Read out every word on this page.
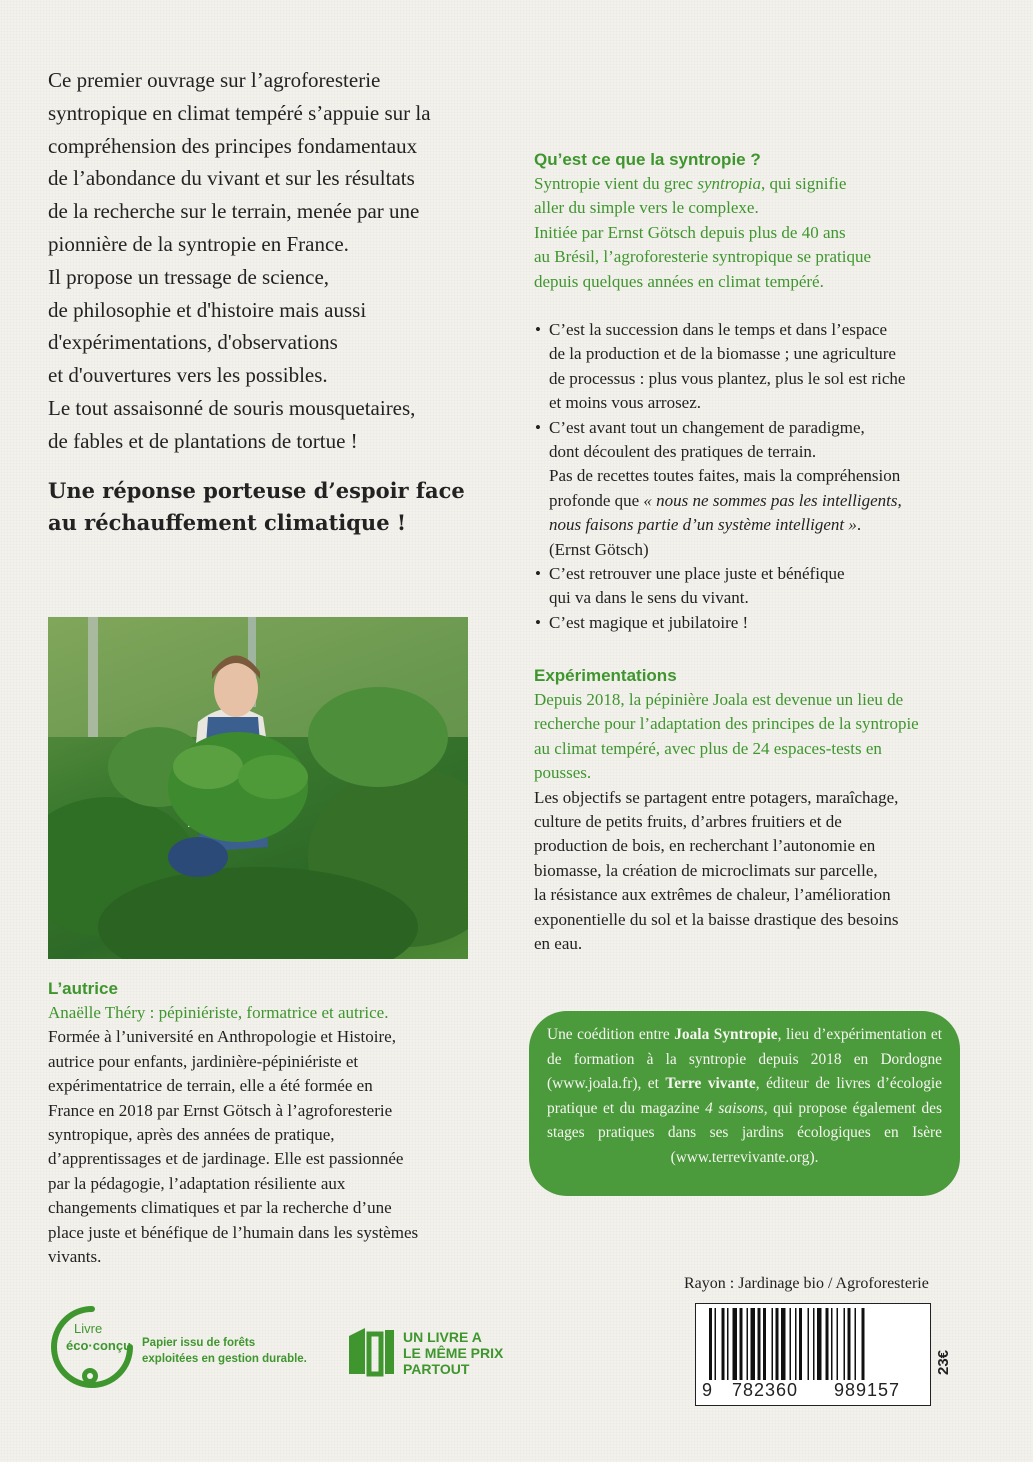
Ce premier ouvrage sur l’agroforesterie

syntropique en climat tempéré s’appuie sur la

compréhension des principes fondamentaux

de l’abondance du vivant et sur les résultats

de la recherche sur le terrain, menée par une

pionnière de la syntropie en France.

Il propose un tressage de science,

de philosophie et d'histoire mais aussi

d'expérimentations, d'observations

et d'ouvertures vers les possibles.

Le tout assaisonné de souris mousquetaires,

de fables et de plantations de tortue !

Une réponse porteuse d’espoir face
au réchauffement climatique !
Qu’est ce que la syntropie ?

Syntropie vient du grec syntropia, qui signifie

aller du simple vers le complexe.

Initiée par Ernst Götsch depuis plus de 40 ans

au Brésil, l’agroforesterie syntropique se pratique

depuis quelques années en climat tempéré.

• C’est la succession dans le temps et dans l’espace
de la production et de la biomasse ; une agriculture
de processus : plus vous plantez, plus le sol est riche
et moins vous arrosez.
• C’est avant tout un changement de paradigme,
dont découlent des pratiques de terrain.
Pas de recettes toutes faites, mais la compréhension
profonde que « nous ne sommes pas les intelligents,
nous faisons partie d’un système intelligent ».
(Ernst Götsch)
• C’est retrouver une place juste et bénéfique
qui va dans le sens du vivant.
• C’est magique et jubilatoire !
Expérimentations

Depuis 2018, la pépinière Joala est devenue un lieu de

recherche pour l’adaptation des principes de la syntropie

au climat tempéré, avec plus de 24 espaces-tests en

pousses.

Les objectifs se partagent entre potagers, maraîchage,

culture de petits fruits, d’arbres fruitiers et de

production de bois, en recherchant l’autonomie en

biomasse, la création de microclimats sur parcelle,

la résistance aux extrêmes de chaleur, l’amélioration

exponentielle du sol et la baisse drastique des besoins

en eau.

L’autrice

Anaëlle Théry : pépiniériste, formatrice et autrice.

Formée à l’université en Anthropologie et Histoire,

autrice pour enfants, jardinière-pépiniériste et

expérimentatrice de terrain, elle a été formée en

France en 2018 par Ernst Götsch à l’agroforesterie

syntropique, après des années de pratique,

d’apprentissages et de jardinage. Elle est passionnée

par la pédagogie, l’adaptation résiliente aux

changements climatiques et par la recherche d’une

place juste et bénéfique de l’humain dans les systèmes

vivants.

Une coédition entre Joala Syntropie, lieu d’expérimentation et de formation à la syntropie depuis 2018 en Dordogne (www.joala.fr), et Terre vivante, éditeur de livres d’écologie pratique et du magazine 4 saisons, qui propose également des stages pratiques dans ses jardins écologiques en Isère (www.terrevivante.org).
Rayon : Jardinage bio / Agroforesterie
9 782360 989157
23€
Livre
éco·conçu Papier issu de forêts
exploitées en gestion durable.
UN LIVRE A
LE MÊME PRIX
PARTOUT
